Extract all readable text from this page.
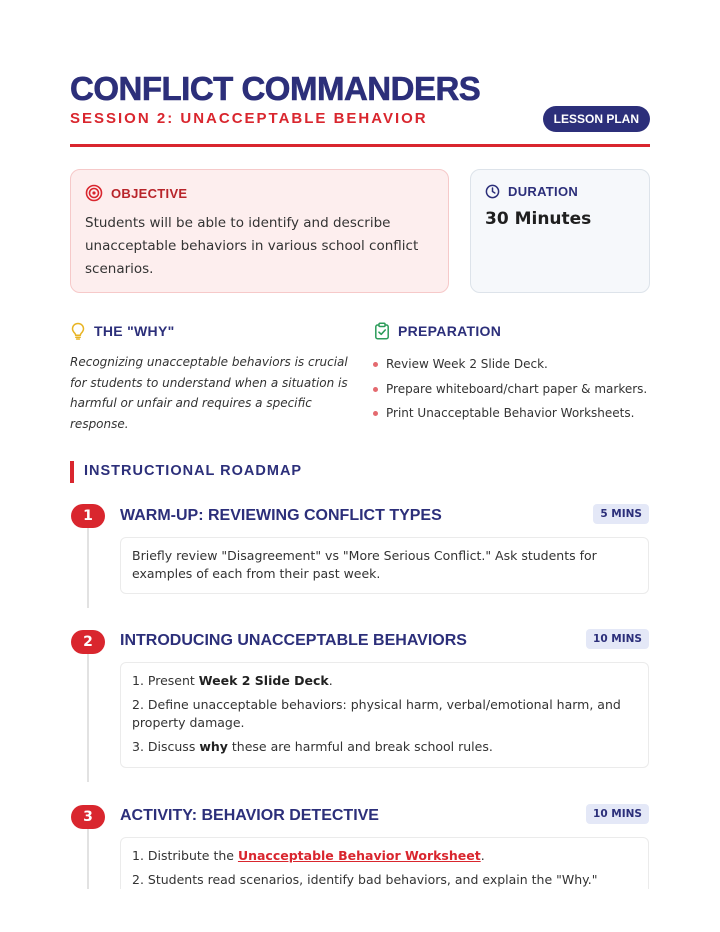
CONFLICT COMMANDERS
SESSION 2: UNACCEPTABLE BEHAVIOR	LESSON PLAN
OBJECTIVE
Students will be able to identify and describe unacceptable behaviors in various school conflict scenarios.
DURATION
30 Minutes
THE "WHY"
Recognizing unacceptable behaviors is crucial for students to understand when a situation is harmful or unfair and requires a specific response.
PREPARATION
Review Week 2 Slide Deck.
Prepare whiteboard/chart paper & markers.
Print Unacceptable Behavior Worksheets.
INSTRUCTIONAL ROADMAP
1	WARM-UP: REVIEWING CONFLICT TYPES	5 MINS

Briefly review "Disagreement" vs "More Serious Conflict." Ask students for examples of each from their past week.

2	INTRODUCING UNACCEPTABLE BEHAVIORS	10 MINS

1. Present Week 2 Slide Deck.

2. Define unacceptable behaviors: physical harm, verbal/emotional harm, and property damage.

3. Discuss why these are harmful and break school rules.

3	ACTIVITY: BEHAVIOR DETECTIVE	10 MINS

1. Distribute the Unacceptable Behavior Worksheet.

2. Students read scenarios, identify bad behaviors, and explain the "Why."
